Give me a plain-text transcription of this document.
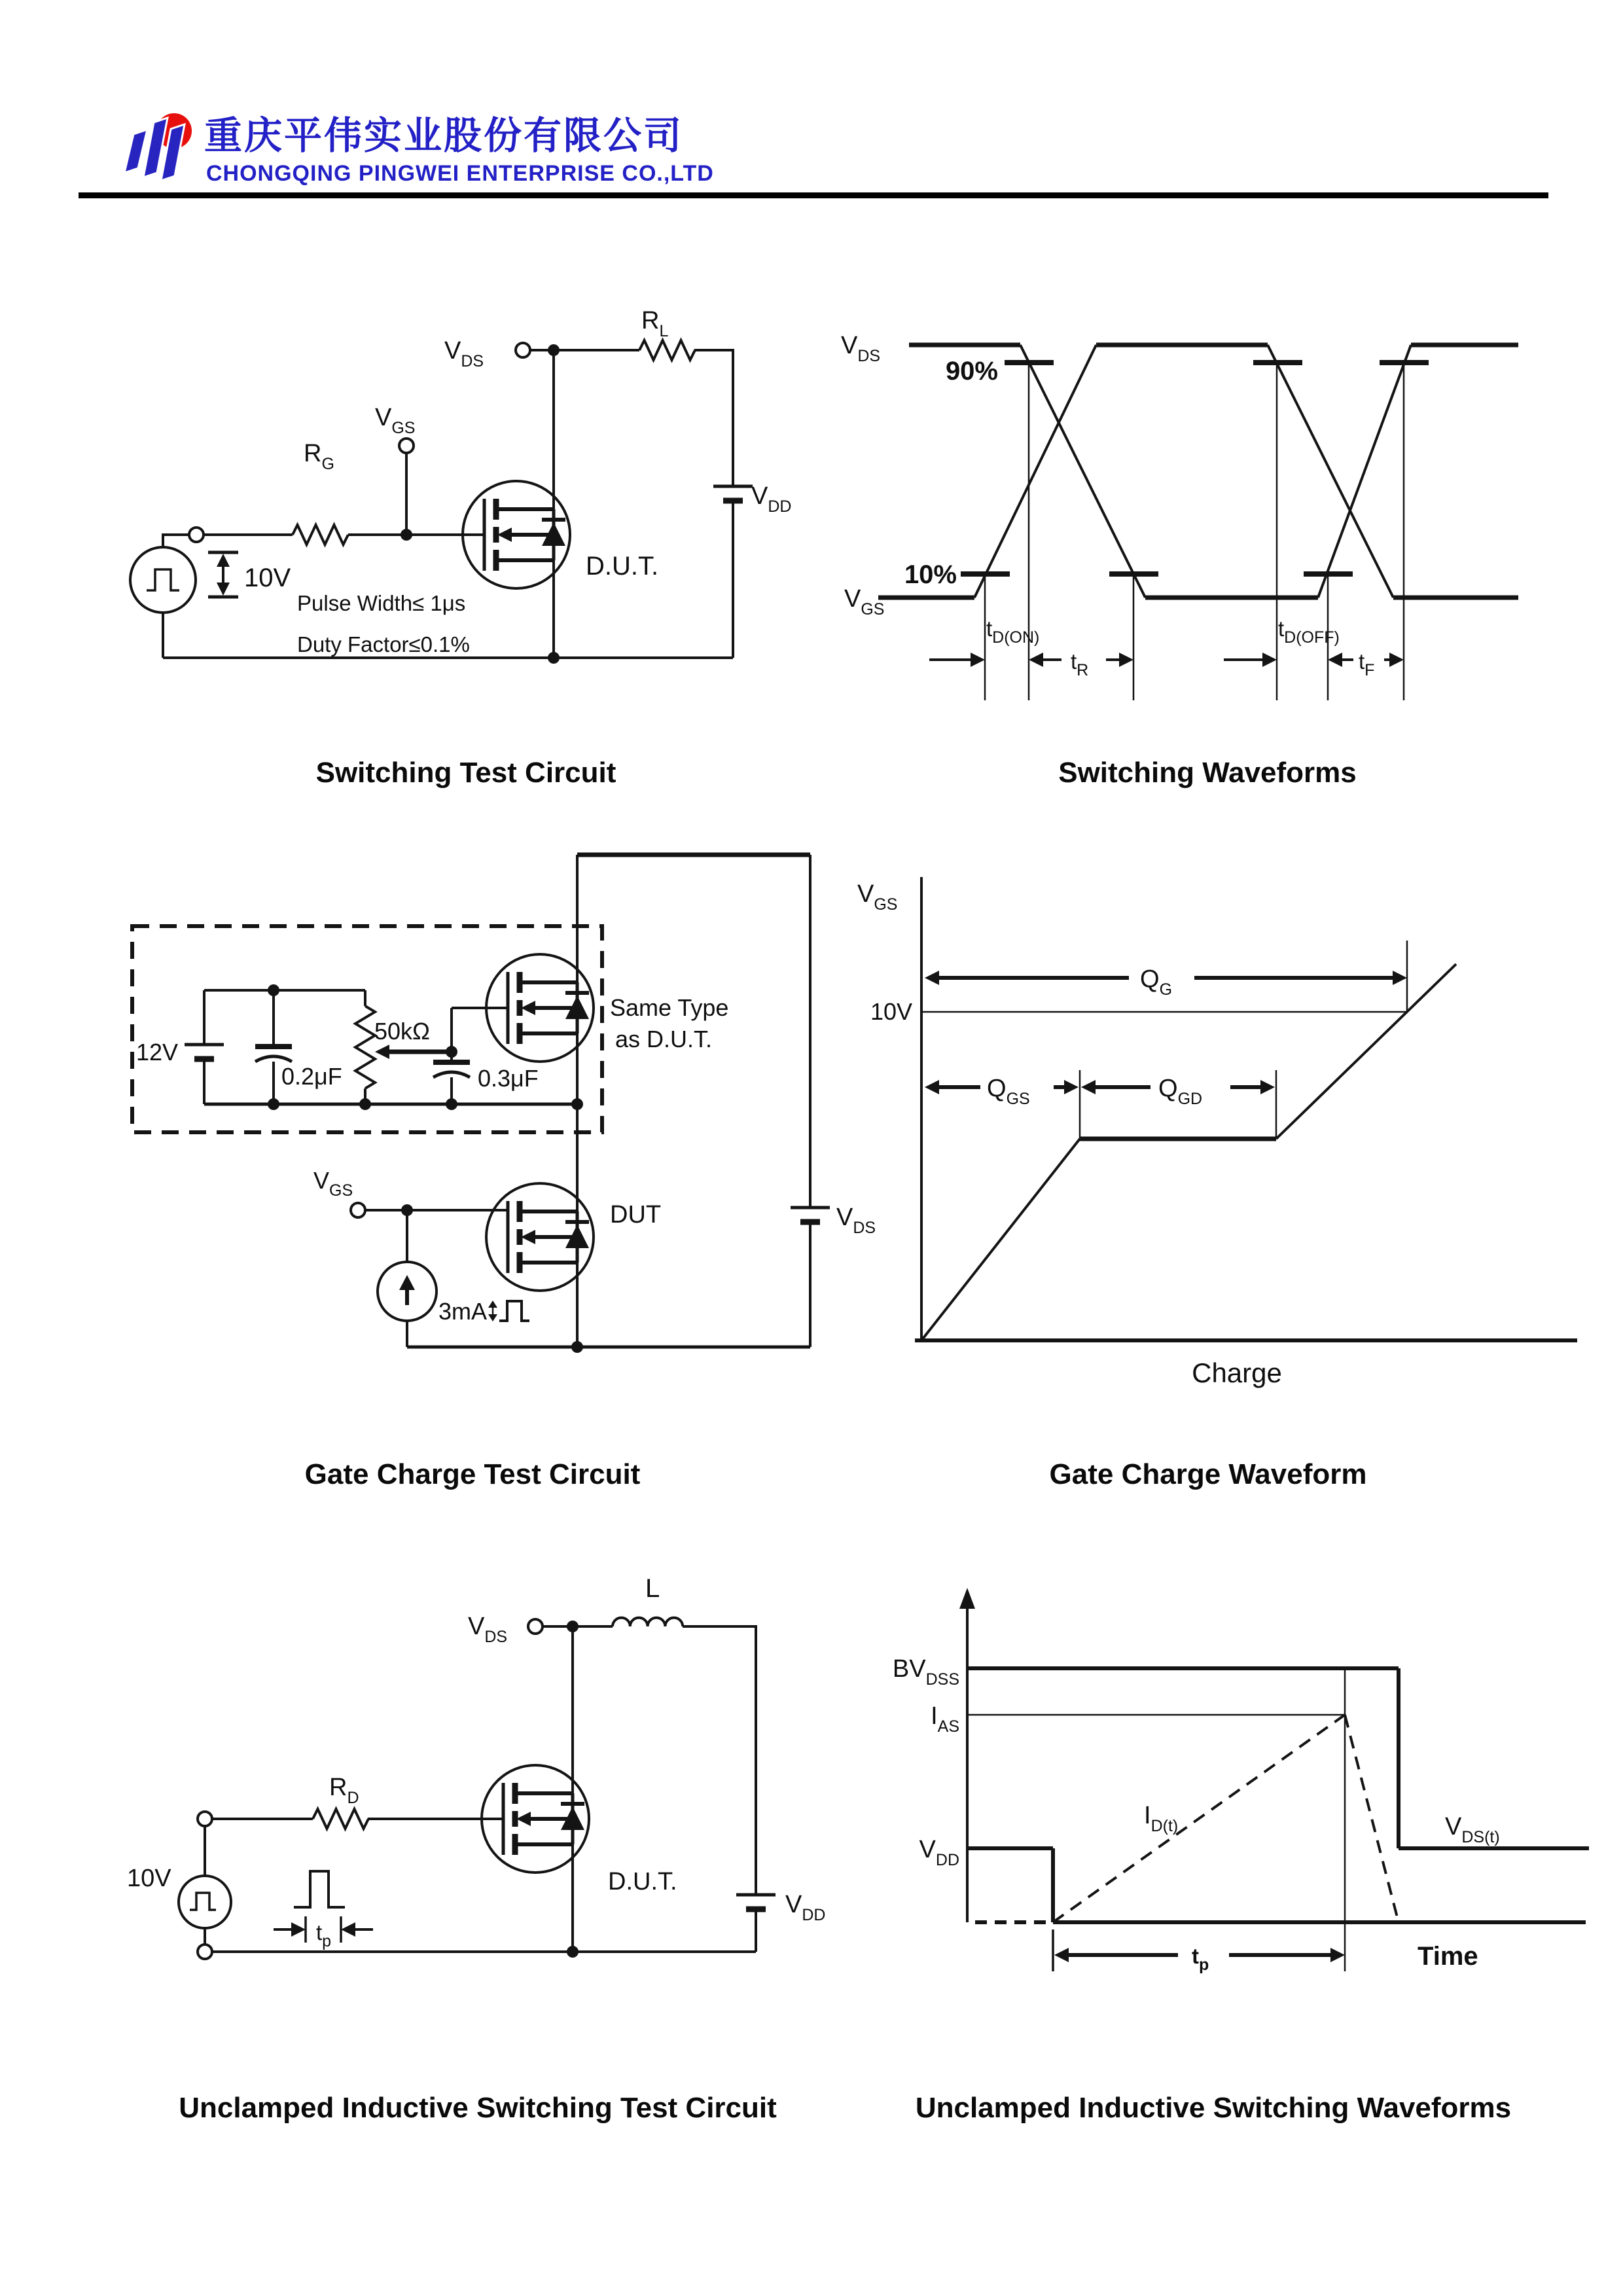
重庆平伟实业股份有限公司
CHONGQING PINGWEI ENTERPRISE CO.,LTD
$R_L$
$V_{DS}$
$V_{GS}$
$R_G$
$V_{DD}$
D.U.T.
10V
Pulse Width≤ 1μs
Duty Factor≤0.1%
$V_{DS}$
$V_{GS}$
90%
10%
$t_{D(ON)}$
$t_R$
$t_{D(OFF)}$
$t_F$
Switching Test Circuit	Switching Waveforms
12V
0.2μF
50kΩ
0.3μF
Same Type
as D.U.T.
$V_{DS}$
$V_{GS}$
DUT
3mA
$V_{GS}$
10V
$Q_G$
$Q_{GS}$	$Q_{GD}$
Charge
Gate Charge Test Circuit	Gate Charge Waveform
L
$V_{DS}$
$R_D$
$V_{DD}$
D.U.T.
10V
$t_p$
$BV_{DSS}$
$I_{AS}$
$V_{DD}$
$I_{D(t)}$	$V_{DS(t)}$
$t_p$	Time
Unclamped Inductive Switching Test Circuit	Unclamped Inductive Switching Waveforms
